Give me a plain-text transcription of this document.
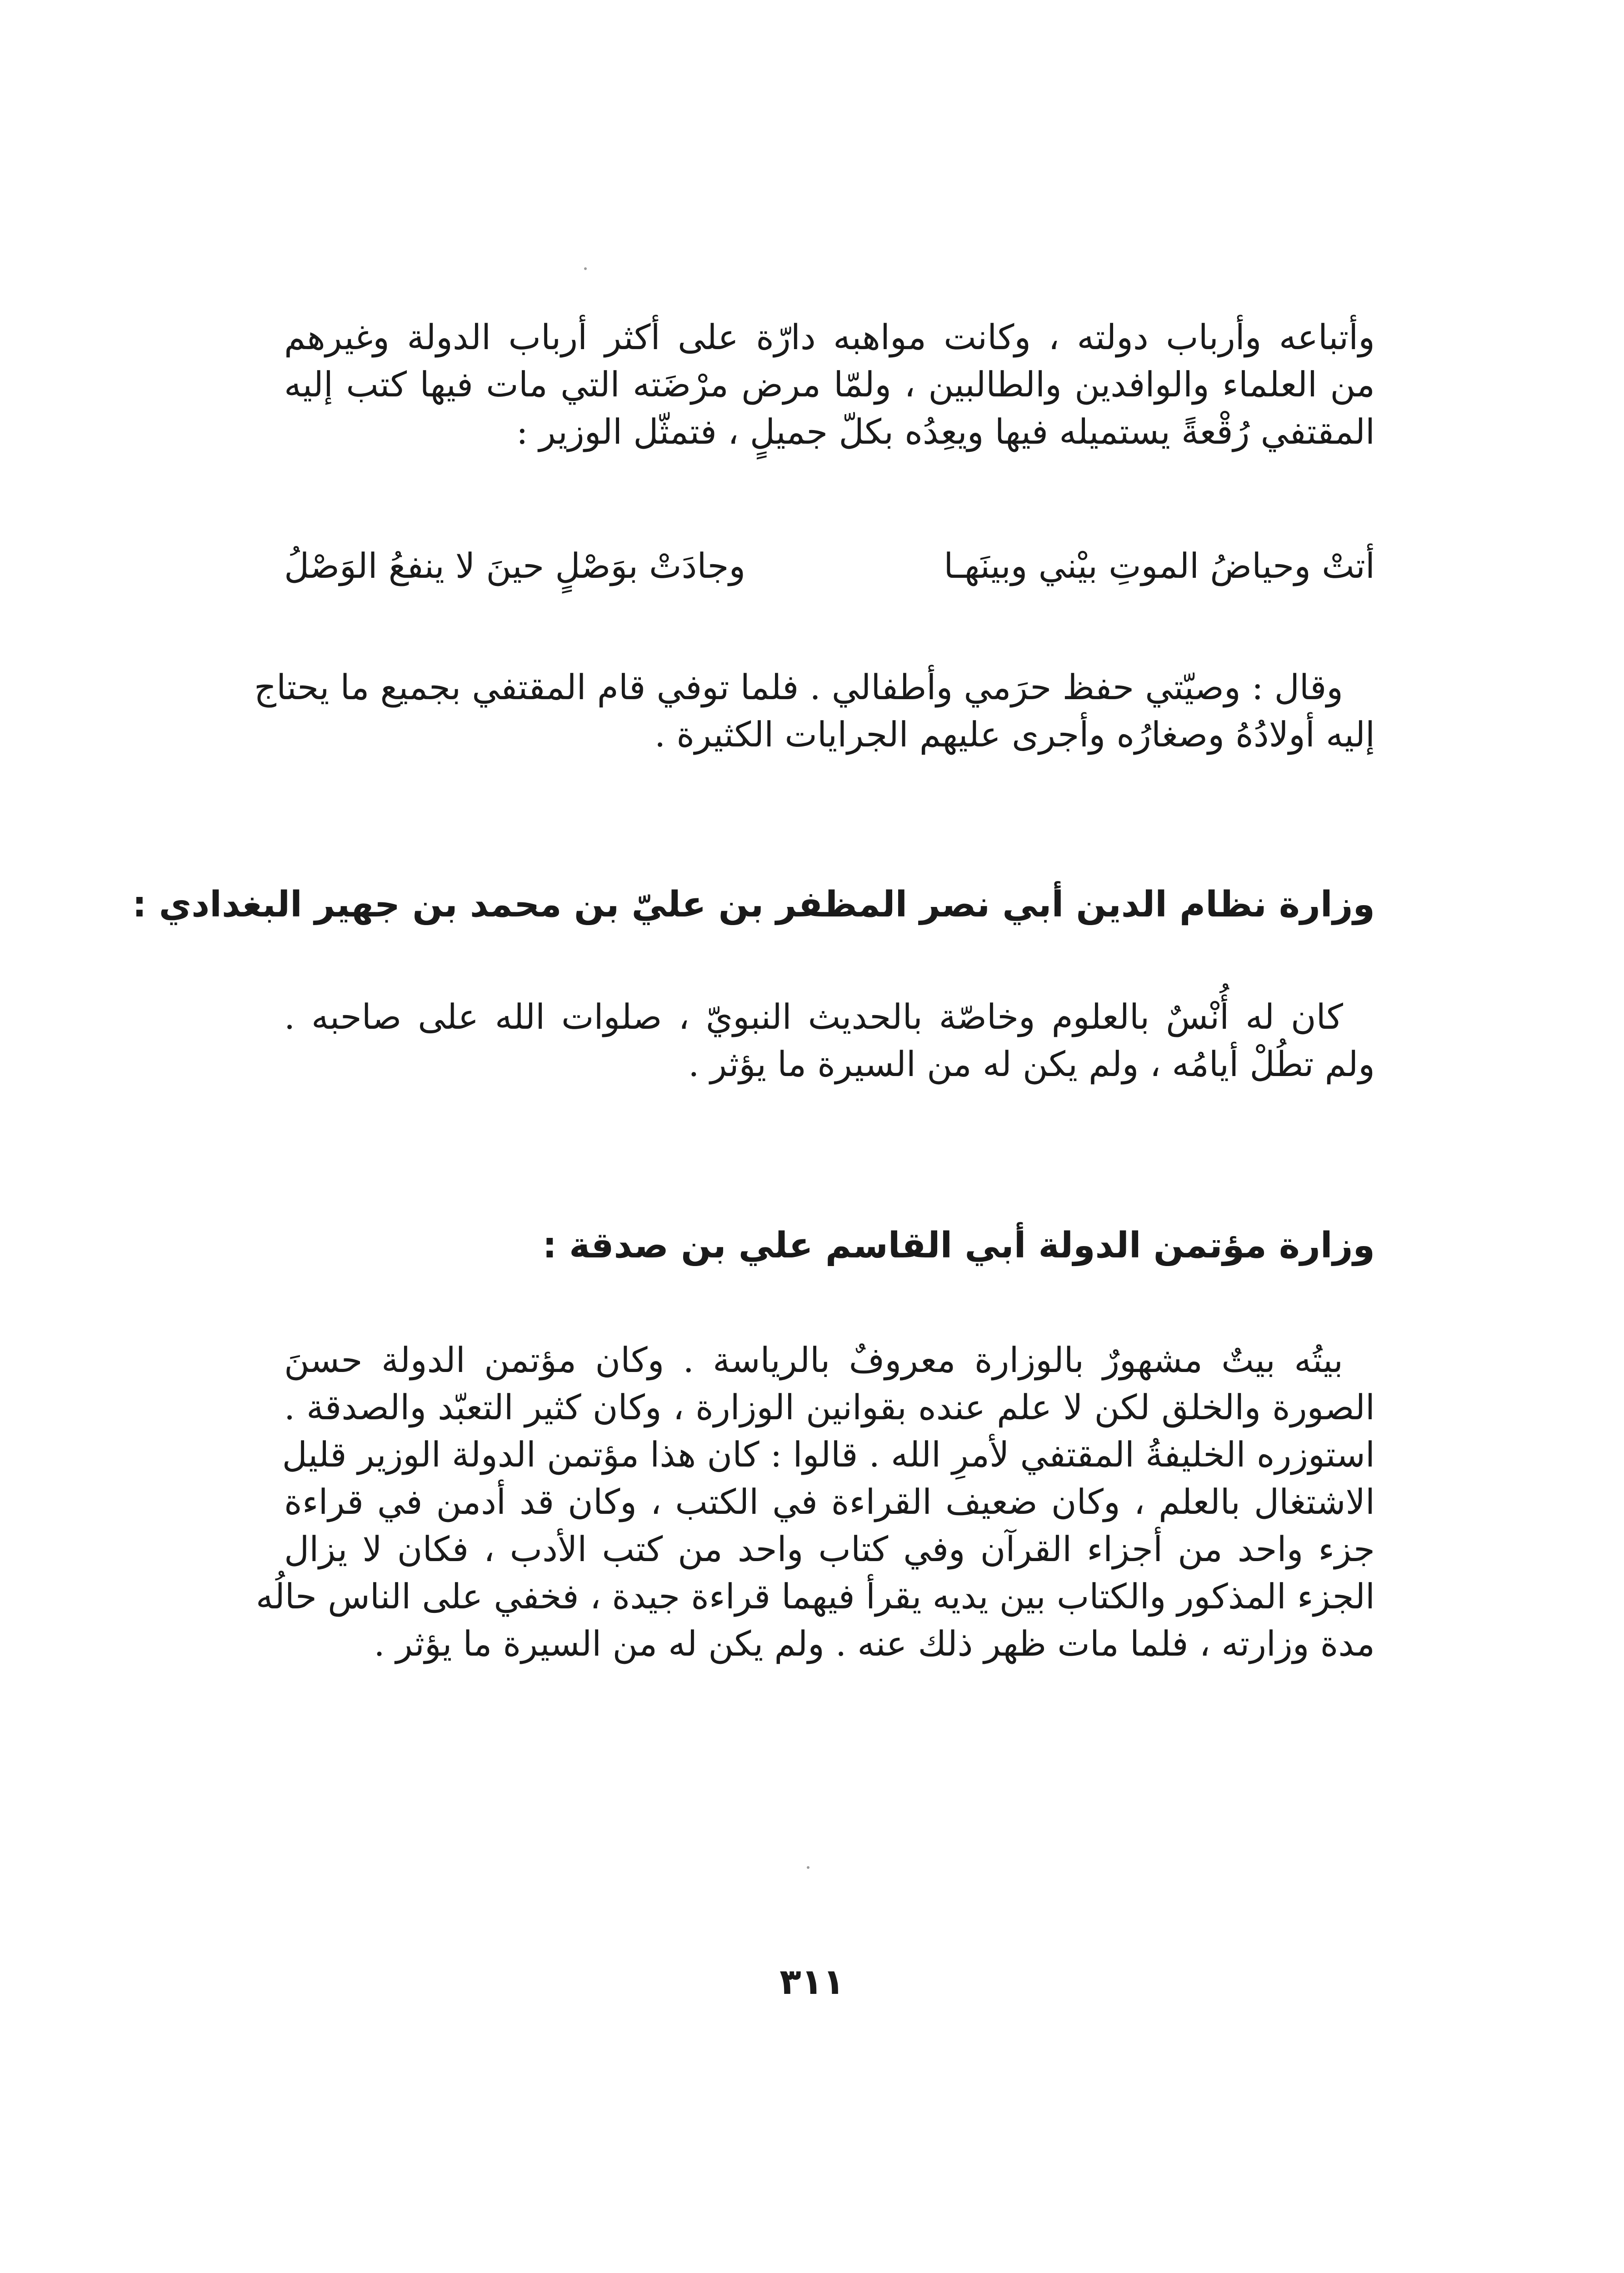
وأتباعه وأرباب دولته ، وكانت مواهبه دارّة على أكثر أرباب الدولة وغيرهم
من العلماء والوافدين والطالبين ، ولمّا مرض مرْضَته التي مات فيها كتب إليه
المقتفي رُقْعةً يستميله فيها ويعِدُه بكلّ جميلٍ ، فتمثّل الوزير :
أتتْ وحياضُ الموتِ بيْني وبينَهـا
وجادَتْ بوَصْلٍ حينَ لا ينفعُ الوَصْلُ
وقال : وصيّتي حفظ حرَمي وأطفالي . فلما توفي قام المقتفي بجميع ما يحتاج
إليه أولادُهُ وصغارُه وأجرى عليهم الجرايات الكثيرة .
وزارة نظام الدين أبي نصر المظفر بن عليّ بن محمد بن جهير البغدادي :
كان له أُنْسٌ بالعلوم وخاصّة بالحديث النبويّ ، صلوات الله على صاحبه .
ولم تطُلْ أيامُه ، ولم يكن له من السيرة ما يؤثر .
وزارة مؤتمن الدولة أبي القاسم علي بن صدقة :
بيتُه بيتٌ مشهورٌ بالوزارة معروفٌ بالرياسة . وكان مؤتمن الدولة حسنَ
الصورة والخلق لكن لا علم عنده بقوانين الوزارة ، وكان كثير التعبّد والصدقة .
استوزره الخليفةُ المقتفي لأمرِ الله . قالوا : كان هذا مؤتمن الدولة الوزير قليل
الاشتغال بالعلم ، وكان ضعيف القراءة في الكتب ، وكان قد أدمن في قراءة
جزء واحد من أجزاء القرآن وفي كتاب واحد من كتب الأدب ، فكان لا يزال
الجزء المذكور والكتاب بين يديه يقرأ فيهما قراءة جيدة ، فخفي على الناس حالُه
مدة وزارته ، فلما مات ظهر ذلك عنه . ولم يكن له من السيرة ما يؤثر .
٣١١
